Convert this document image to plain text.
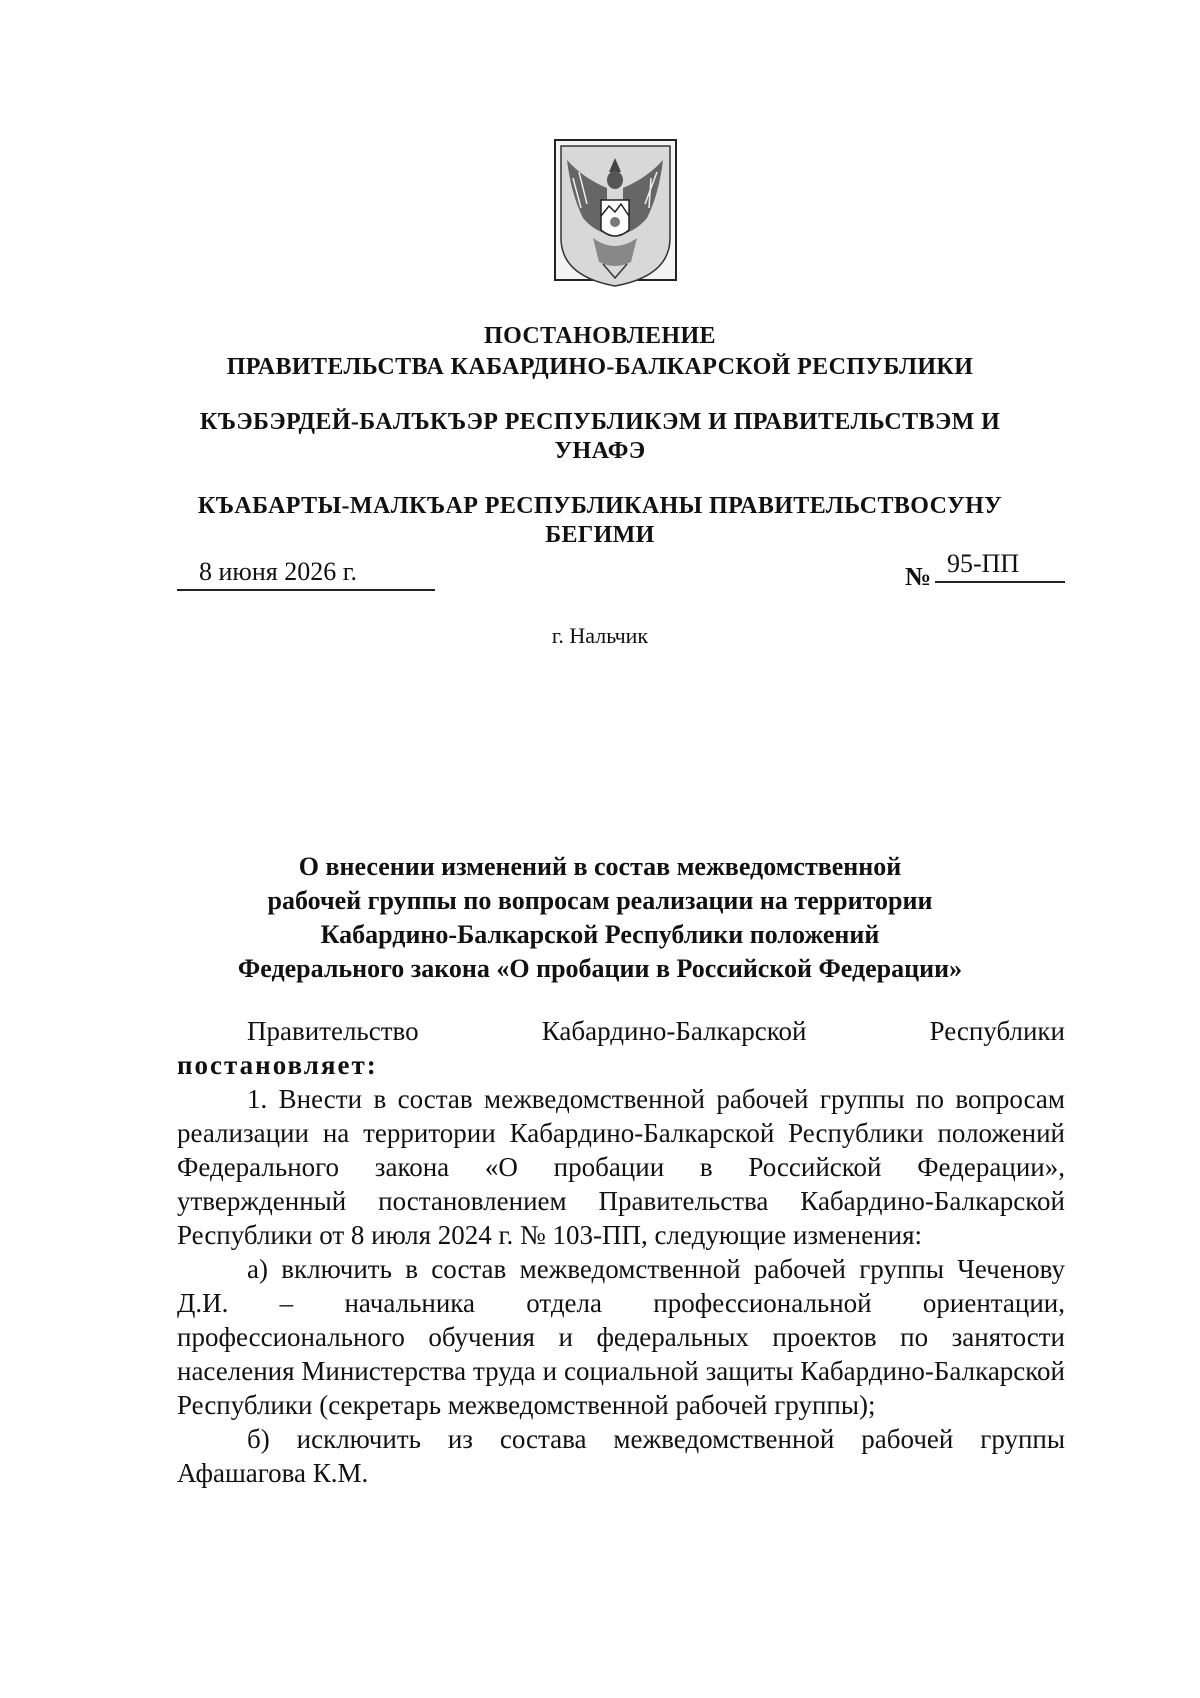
ПОСТАНОВЛЕНИЕ
ПРАВИТЕЛЬСТВА КАБАРДИНО-БАЛКАРСКОЙ РЕСПУБЛИКИ
КЪЭБЭРДЕЙ-БАЛЪКЪЭР РЕСПУБЛИКЭМ И ПРАВИТЕЛЬСТВЭМ И
УНАФЭ
КЪАБАРТЫ-МАЛКЪАР РЕСПУБЛИКАНЫ ПРАВИТЕЛЬСТВОСУНУ
БЕГИМИ
8 июня 2026 г.	№ 95-ПП
г. Нальчик
О внесении изменений в состав межведомственной
рабочей группы по вопросам реализации на территории
Кабардино-Балкарской Республики положений
Федерального закона «О пробации в Российской Федерации»

Правительство Кабардино-Балкарской Республики

постановляет:

1. Внести в состав межведомственной рабочей группы по вопросам реализации на территории Кабардино-Балкарской Республики положений Федерального закона «О пробации в Российской Федерации», утвержденный постановлением Правительства Кабардино-Балкарской Республики от 8 июля 2024 г. № 103-ПП, следующие изменения:

а) включить в состав межведомственной рабочей группы Чеченову Д.И. – начальника отдела профессиональной ориентации, профессионального обучения и федеральных проектов по занятости населения Министерства труда и социальной защиты Кабардино-Балкарской Республики (секретарь межведомственной рабочей группы);

б) исключить из состава межведомственной рабочей группы Афашагова К.М.
